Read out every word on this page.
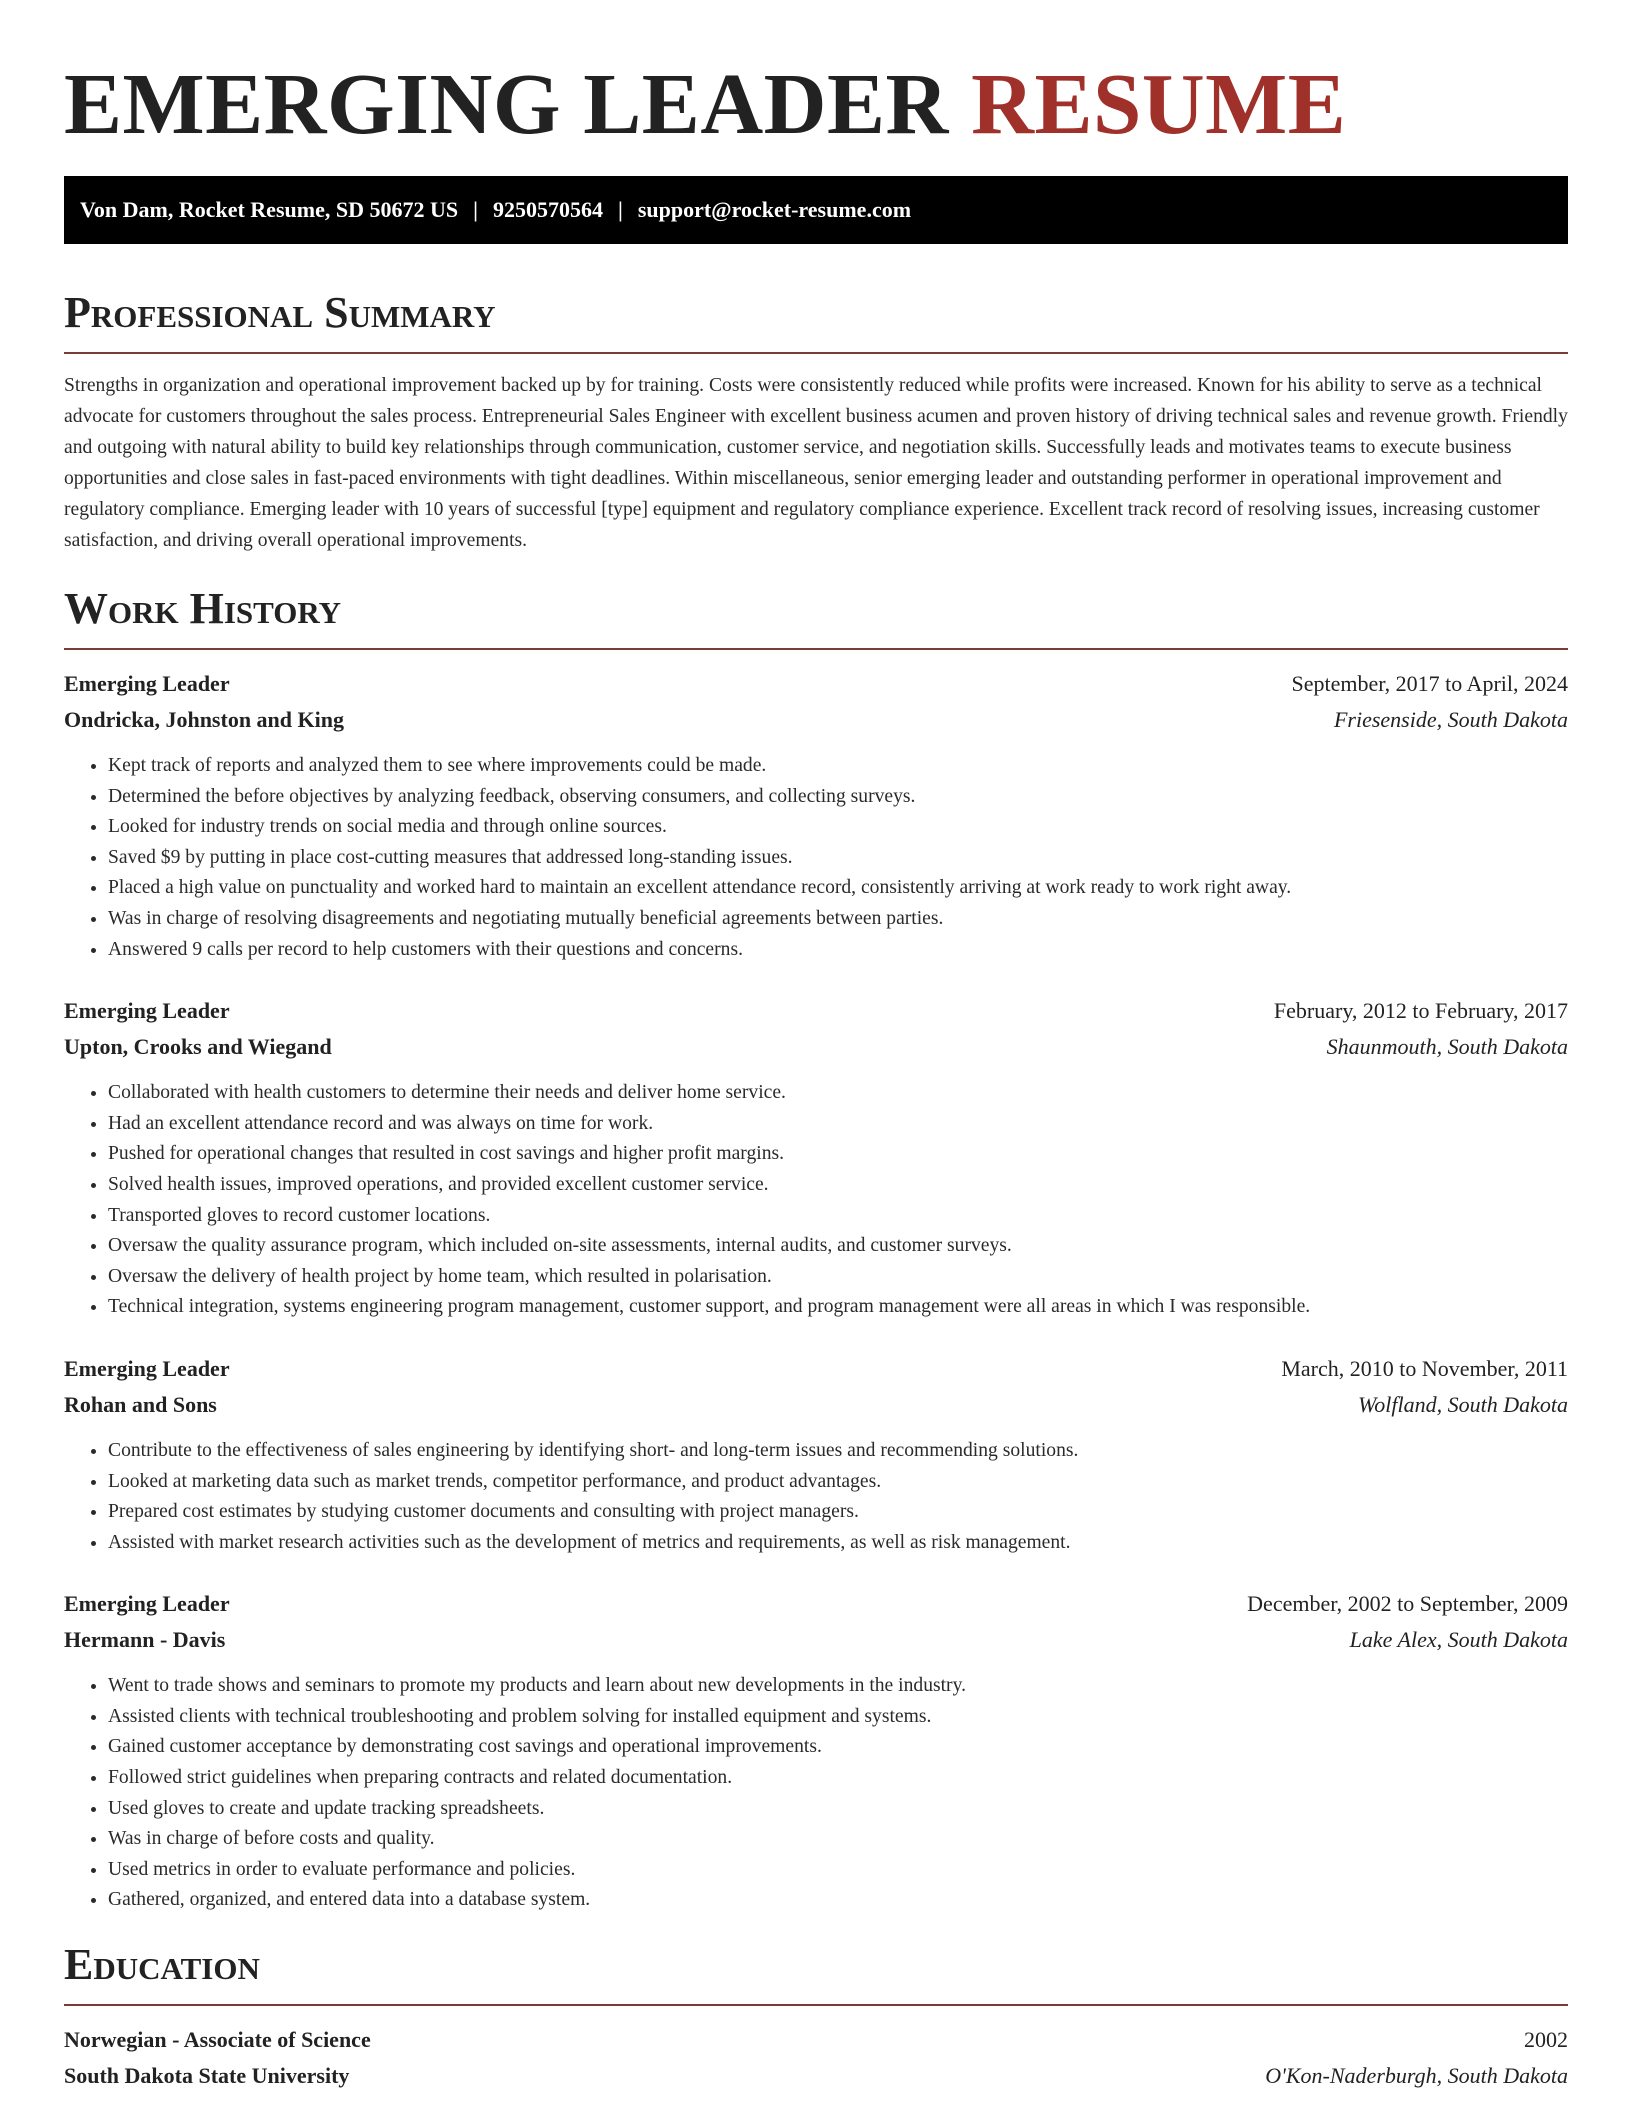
EMERGING LEADER RESUME
Von Dam, Rocket Resume, SD 50672 US | 9250570564 | support@rocket-resume.com
Professional Summary

Strengths in organization and operational improvement backed up by for training. Costs were consistently reduced while profits were increased. Known for his ability to serve as a technical advocate for customers throughout the sales process. Entrepreneurial Sales Engineer with excellent business acumen and proven history of driving technical sales and revenue growth. Friendly and outgoing with natural ability to build key relationships through communication, customer service, and negotiation skills. Successfully leads and motivates teams to execute business opportunities and close sales in fast-paced environments with tight deadlines. Within miscellaneous, senior emerging leader and outstanding performer in operational improvement and regulatory compliance. Emerging leader with 10 years of successful [type] equipment and regulatory compliance experience. Excellent track record of resolving issues, increasing customer satisfaction, and driving overall operational improvements.

Work History
Emerging Leader	September, 2017 to April, 2024
Ondricka, Johnston and King	Friesenside, South Dakota
• Kept track of reports and analyzed them to see where improvements could be made.
• Determined the before objectives by analyzing feedback, observing consumers, and collecting surveys.
• Looked for industry trends on social media and through online sources.
• Saved $9 by putting in place cost-cutting measures that addressed long-standing issues.
• Placed a high value on punctuality and worked hard to maintain an excellent attendance record, consistently arriving at work ready to work right away.
• Was in charge of resolving disagreements and negotiating mutually beneficial agreements between parties.
• Answered 9 calls per record to help customers with their questions and concerns.
Emerging Leader	February, 2012 to February, 2017
Upton, Crooks and Wiegand	Shaunmouth, South Dakota
• Collaborated with health customers to determine their needs and deliver home service.
• Had an excellent attendance record and was always on time for work.
• Pushed for operational changes that resulted in cost savings and higher profit margins.
• Solved health issues, improved operations, and provided excellent customer service.
• Transported gloves to record customer locations.
• Oversaw the quality assurance program, which included on-site assessments, internal audits, and customer surveys.
• Oversaw the delivery of health project by home team, which resulted in polarisation.
• Technical integration, systems engineering program management, customer support, and program management were all areas in which I was responsible.
Emerging Leader	March, 2010 to November, 2011
Rohan and Sons	Wolfland, South Dakota
• Contribute to the effectiveness of sales engineering by identifying short- and long-term issues and recommending solutions.
• Looked at marketing data such as market trends, competitor performance, and product advantages.
• Prepared cost estimates by studying customer documents and consulting with project managers.
• Assisted with market research activities such as the development of metrics and requirements, as well as risk management.
Emerging Leader	December, 2002 to September, 2009
Hermann - Davis	Lake Alex, South Dakota
• Went to trade shows and seminars to promote my products and learn about new developments in the industry.
• Assisted clients with technical troubleshooting and problem solving for installed equipment and systems.
• Gained customer acceptance by demonstrating cost savings and operational improvements.
• Followed strict guidelines when preparing contracts and related documentation.
• Used gloves to create and update tracking spreadsheets.
• Was in charge of before costs and quality.
• Used metrics in order to evaluate performance and policies.
• Gathered, organized, and entered data into a database system.
Education
Norwegian - Associate of Science	2002
South Dakota State University	O'Kon-Naderburgh, South Dakota
